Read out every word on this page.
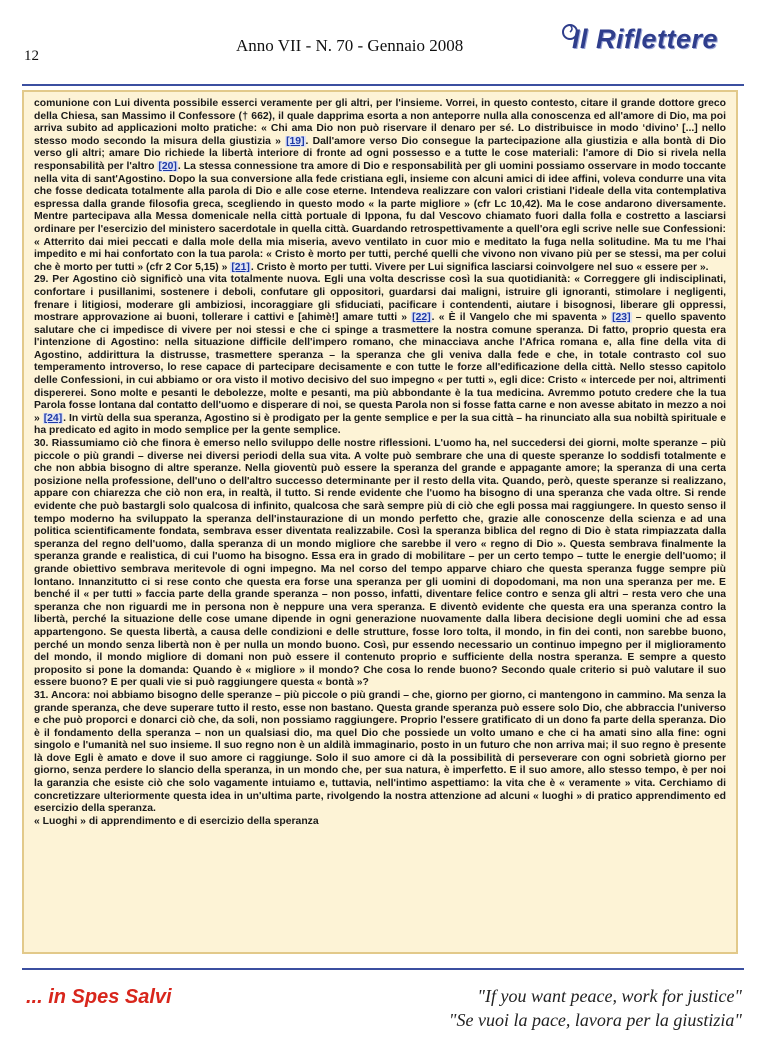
12
Anno VII - N. 70 - Gennaio 2008	Il Riflettere

comunione con Lui diventa possibile esserci veramente per gli altri, per l'insieme. Vorrei, in questo contesto, citare il grande dottore greco della Chiesa, san Massimo il Confessore († 662), il quale dapprima esorta a non anteporre nulla alla conoscenza ed all'amore di Dio, ma poi arriva subito ad applicazioni molto pratiche: « Chi ama Dio non può riservare il denaro per sé. Lo distribuisce in modo ‘divino’ [...] nello stesso modo secondo la misura della giustizia » [19]. Dall'amore verso Dio consegue la partecipazione alla giustizia e alla bontà di Dio verso gli altri; amare Dio richiede la libertà interiore di fronte ad ogni possesso e a tutte le cose materiali: l'amore di Dio si rivela nella responsabilità per l'altro [20]. La stessa connessione tra amore di Dio e responsabilità per gli uomini possiamo osservare in modo toccante nella vita di sant'Agostino. Dopo la sua conversione alla fede cristiana egli, insieme con alcuni amici di idee affini, voleva condurre una vita che fosse dedicata totalmente alla parola di Dio e alle cose eterne. Intendeva realizzare con valori cristiani l'ideale della vita contemplativa espressa dalla grande filosofia greca, scegliendo in questo modo « la parte migliore » (cfr Lc 10,42). Ma le cose andarono diversamente. Mentre partecipava alla Messa domenicale nella città portuale di Ippona, fu dal Vescovo chiamato fuori dalla folla e costretto a lasciarsi ordinare per l'esercizio del ministero sacerdotale in quella città. Guardando retrospettivamente a quell'ora egli scrive nelle sue Confessioni: « Atterrito dai miei peccati e dalla mole della mia miseria, avevo ventilato in cuor mio e meditato la fuga nella solitudine. Ma tu me l'hai impedito e mi hai confortato con la tua parola: « Cristo è morto per tutti, perché quelli che vivono non vivano più per se stessi, ma per colui che è morto per tutti » (cfr 2 Cor 5,15) » [21]. Cristo è morto per tutti. Vivere per Lui significa lasciarsi coinvolgere nel suo « essere per ».

29. Per Agostino ciò significò una vita totalmente nuova. Egli una volta descrisse così la sua quotidianità: « Correggere gli indisciplinati, confortare i pusillanimi, sostenere i deboli, confutare gli oppositori, guardarsi dai maligni, istruire gli ignoranti, stimolare i negligenti, frenare i litigiosi, moderare gli ambiziosi, incoraggiare gli sfiduciati, pacificare i contendenti, aiutare i bisognosi, liberare gli oppressi, mostrare approvazione ai buoni, tollerare i cattivi e [ahimè!] amare tutti » [22]. « È il Vangelo che mi spaventa » [23] – quello spavento salutare che ci impedisce di vivere per noi stessi e che ci spinge a trasmettere la nostra comune speranza. Di fatto, proprio questa era l'intenzione di Agostino: nella situazione difficile dell'impero romano, che minacciava anche l'Africa romana e, alla fine della vita di Agostino, addirittura la distrusse, trasmettere speranza – la speranza che gli veniva dalla fede e che, in totale contrasto col suo temperamento introverso, lo rese capace di partecipare decisamente e con tutte le forze all'edificazione della città. Nello stesso capitolo delle Confessioni, in cui abbiamo or ora visto il motivo decisivo del suo impegno « per tutti », egli dice: Cristo « intercede per noi, altrimenti dispererei. Sono molte e pesanti le debolezze, molte e pesanti, ma più abbondante è la tua medicina. Avremmo potuto credere che la tua Parola fosse lontana dal contatto dell'uomo e disperare di noi, se questa Parola non si fosse fatta carne e non avesse abitato in mezzo a noi » [24]. In virtù della sua speranza, Agostino si è prodigato per la gente semplice e per la sua città – ha rinunciato alla sua nobiltà spirituale e ha predicato ed agito in modo semplice per la gente semplice.

30. Riassumiamo ciò che finora è emerso nello sviluppo delle nostre riflessioni. L'uomo ha, nel succedersi dei giorni, molte speranze – più piccole o più grandi – diverse nei diversi periodi della sua vita. A volte può sembrare che una di queste speranze lo soddisfi totalmente e che non abbia bisogno di altre speranze. Nella gioventù può essere la speranza del grande e appagante amore; la speranza di una certa posizione nella professione, dell'uno o dell'altro successo determinante per il resto della vita. Quando, però, queste speranze si realizzano, appare con chiarezza che ciò non era, in realtà, il tutto. Si rende evidente che l'uomo ha bisogno di una speranza che vada oltre. Si rende evidente che può bastargli solo qualcosa di infinito, qualcosa che sarà sempre più di ciò che egli possa mai raggiungere. In questo senso il tempo moderno ha sviluppato la speranza dell'instaurazione di un mondo perfetto che, grazie alle conoscenze della scienza e ad una politica scientificamente fondata, sembrava esser diventata realizzabile. Così la speranza biblica del regno di Dio è stata rimpiazzata dalla speranza del regno dell'uomo, dalla speranza di un mondo migliore che sarebbe il vero « regno di Dio ». Questa sembrava finalmente la speranza grande e realistica, di cui l'uomo ha bisogno. Essa era in grado di mobilitare – per un certo tempo – tutte le energie dell'uomo; il grande obiettivo sembrava meritevole di ogni impegno. Ma nel corso del tempo apparve chiaro che questa speranza fugge sempre più lontano. Innanzitutto ci si rese conto che questa era forse una speranza per gli uomini di dopodomani, ma non una speranza per me. E benché il « per tutti » faccia parte della grande speranza – non posso, infatti, diventare felice contro e senza gli altri – resta vero che una speranza che non riguardi me in persona non è neppure una vera speranza. E diventò evidente che questa era una speranza contro la libertà, perché la situazione delle cose umane dipende in ogni generazione nuovamente dalla libera decisione degli uomini che ad essa appartengono. Se questa libertà, a causa delle condizioni e delle strutture, fosse loro tolta, il mondo, in fin dei conti, non sarebbe buono, perché un mondo senza libertà non è per nulla un mondo buono. Così, pur essendo necessario un continuo impegno per il miglioramento del mondo, il mondo migliore di domani non può essere il contenuto proprio e sufficiente della nostra speranza. E sempre a questo proposito si pone la domanda: Quando è « migliore » il mondo? Che cosa lo rende buono? Secondo quale criterio si può valutare il suo essere buono? E per quali vie si può raggiungere questa « bontà »?

31. Ancora: noi abbiamo bisogno delle speranze – più piccole o più grandi – che, giorno per giorno, ci mantengono in cammino. Ma senza la grande speranza, che deve superare tutto il resto, esse non bastano. Questa grande speranza può essere solo Dio, che abbraccia l'universo e che può proporci e donarci ciò che, da soli, non possiamo raggiungere. Proprio l'essere gratificato di un dono fa parte della speranza. Dio è il fondamento della speranza – non un qualsiasi dio, ma quel Dio che possiede un volto umano e che ci ha amati sino alla fine: ogni singolo e l'umanità nel suo insieme. Il suo regno non è un aldilà immaginario, posto in un futuro che non arriva mai; il suo regno è presente là dove Egli è amato e dove il suo amore ci raggiunge. Solo il suo amore ci dà la possibilità di perseverare con ogni sobrietà giorno per giorno, senza perdere lo slancio della speranza, in un mondo che, per sua natura, è imperfetto. E il suo amore, allo stesso tempo, è per noi la garanzia che esiste ciò che solo vagamente intuiamo e, tuttavia, nell'intimo aspettiamo: la vita che è « veramente » vita. Cerchiamo di concretizzare ulteriormente questa idea in un'ultima parte, rivolgendo la nostra attenzione ad alcuni « luoghi » di pratico apprendimento ed esercizio della speranza.

« Luoghi » di apprendimento e di esercizio della speranza

... in Spes Salvi	"If you want peace, work for justice"
"Se vuoi la pace, lavora per la giustizia"
